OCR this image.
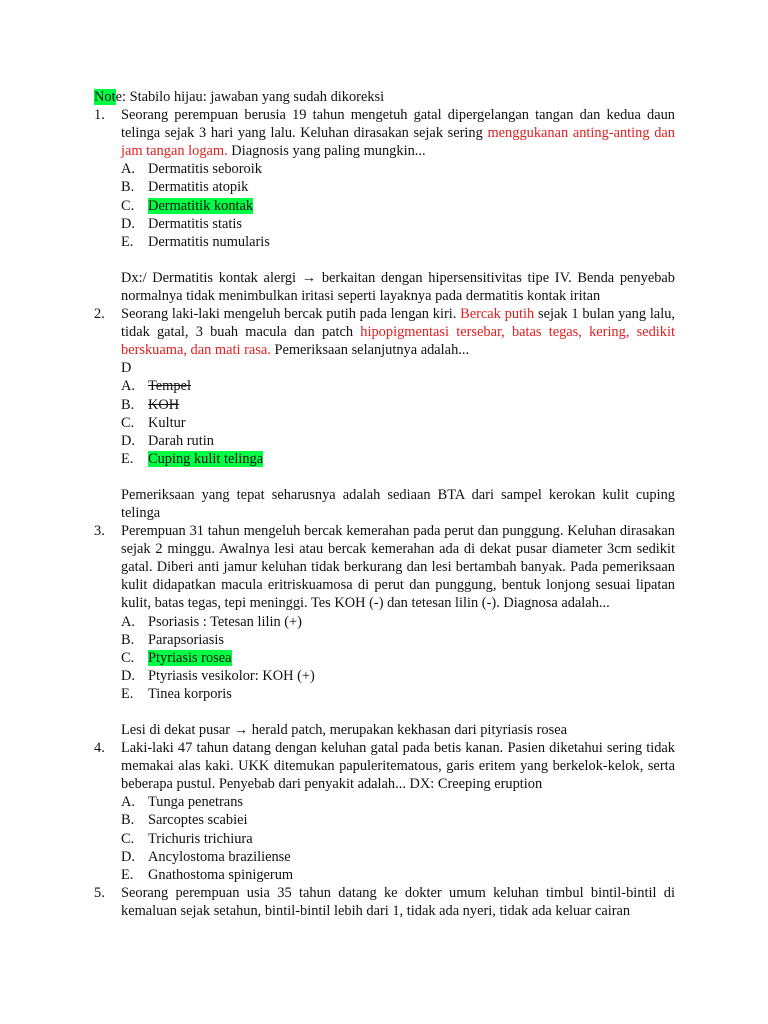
Note: Stabilo hijau: jawaban yang sudah dikoreksi

1. Seorang perempuan berusia 19 tahun mengetuh gatal dipergelangan tangan dan kedua daun telinga sejak 3 hari yang lalu. Keluhan dirasakan sejak sering menggukanan anting-anting dan jam tangan logam. Diagnosis yang paling mungkin...

A. Dermatitis seboroik
B. Dermatitis atopik
C. Dermatitik kontak
D. Dermatitis statis
E. Dermatitis numularis

Dx:/ Dermatitis kontak alergi → berkaitan dengan hipersensitivitas tipe IV. Benda penyebab normalnya tidak menimbulkan iritasi seperti layaknya pada dermatitis kontak iritan

2. Seorang laki-laki mengeluh bercak putih pada lengan kiri. Bercak putih sejak 1 bulan yang lalu, tidak gatal, 3 buah macula dan patch hipopigmentasi tersebar, batas tegas, kering, sedikit berskuama, dan mati rasa. Pemeriksaan selanjutnya adalah...

D

A. Tempel
B. KOH
C. Kultur
D. Darah rutin
E. Cuping kulit telinga

Pemeriksaan yang tepat seharusnya adalah sediaan BTA dari sampel kerokan kulit cuping telinga

3. Perempuan 31 tahun mengeluh bercak kemerahan pada perut dan punggung. Keluhan dirasakan sejak 2 minggu. Awalnya lesi atau bercak kemerahan ada di dekat pusar diameter 3cm sedikit gatal. Diberi anti jamur keluhan tidak berkurang dan lesi bertambah banyak. Pada pemeriksaan kulit didapatkan macula eritriskuamosa di perut dan punggung, bentuk lonjong sesuai lipatan kulit, batas tegas, tepi meninggi. Tes KOH (-) dan tetesan lilin (-). Diagnosa adalah...

A. Psoriasis : Tetesan lilin (+)
B. Parapsoriasis
C. Ptyriasis rosea
D. Ptyriasis vesikolor: KOH (+)
E. Tinea korporis

Lesi di dekat pusar → herald patch, merupakan kekhasan dari pityriasis rosea

4. Laki-laki 47 tahun datang dengan keluhan gatal pada betis kanan. Pasien diketahui sering tidak memakai alas kaki. UKK ditemukan papuleritematous, garis eritem yang berkelok-kelok, serta beberapa pustul. Penyebab dari penyakit adalah... DX: Creeping eruption

A. Tunga penetrans
B. Sarcoptes scabiei
C. Trichuris trichiura
D. Ancylostoma braziliense
E. Gnathostoma spinigerum
5. Seorang perempuan usia 35 tahun datang ke dokter umum keluhan timbul bintil-bintil di kemaluan sejak setahun, bintil-bintil lebih dari 1, tidak ada nyeri, tidak ada keluar cairan
